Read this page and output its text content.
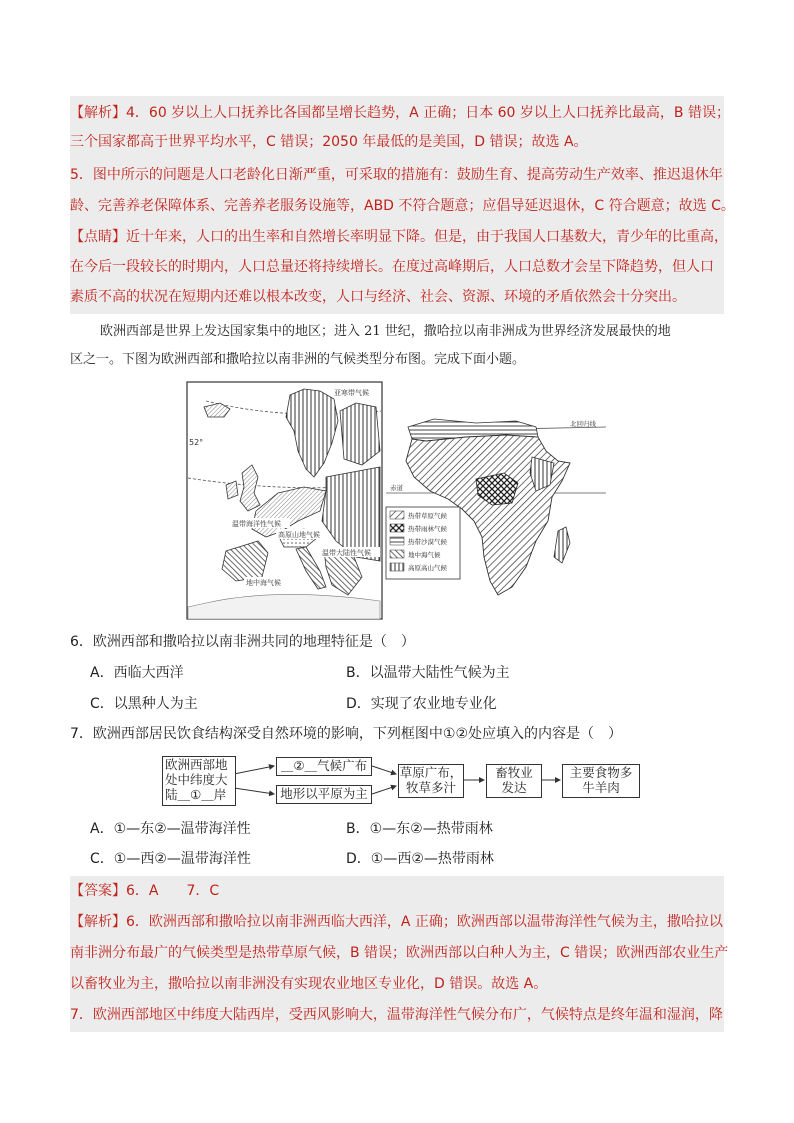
【解析】4．60 岁以上人口抚养比各国都呈增长趋势，A 正确；日本 60 岁以上人口抚养比最高，B 错误；
三个国家都高于世界平均水平，C 错误；2050 年最低的是美国，D 错误；故选 A。
5．图中所示的问题是人口老龄化日渐严重，可采取的措施有：鼓励生育、提高劳动生产效率、推迟退休年
龄、完善养老保障体系、完善养老服务设施等，ABD 不符合题意；应倡导延迟退休，C 符合题意；故选 C。
【点睛】近十年来，人口的出生率和自然增长率明显下降。但是，由于我国人口基数大，青少年的比重高，
在今后一段较长的时期内，人口总量还将持续增长。在度过高峰期后，人口总数才会呈下降趋势，但人口
素质不高的状况在短期内还难以根本改变，人口与经济、社会、资源、环境的矛盾依然会十分突出。
欧洲西部是世界上发达国家集中的地区；进入 21 世纪，撒哈拉以南非洲成为世界经济发展最快的地
区之一。下图为欧洲西部和撒哈拉以南非洲的气候类型分布图。完成下面小题。
亚寒带气候
52°
温带海洋性气候
高原山地气候
温带大陆性气候
地中海气候
北回归线
赤道
热带草原气候
热带雨林气候
热带沙漠气候
地中海气候
高原高山气候
6．欧洲西部和撒哈拉以南非洲共同的地理特征是（　）
A．西临大西洋	B．以温带大陆性气候为主
C．以黑种人为主	D．实现了农业地专业化
7．欧洲西部居民饮食结构深受自然环境的影响，下列框图中①②处应填入的内容是（　）
欧洲西部地
处中纬度大
陆＿①＿岸
＿②＿气候广布
地形以平原为主
草原广布，
牧草多汁
畜牧业
发达
主要食物多
牛羊肉
A．①—东②—温带海洋性	B．①—东②—热带雨林
C．①—西②—温带海洋性	D．①—西②—热带雨林
【答案】6．A　　7．C
【解析】6．欧洲西部和撒哈拉以南非洲西临大西洋，A 正确；欧洲西部以温带海洋性气候为主，撒哈拉以
南非洲分布最广的气候类型是热带草原气候，B 错误；欧洲西部以白种人为主，C 错误；欧洲西部农业生产
以畜牧业为主，撒哈拉以南非洲没有实现农业地区专业化，D 错误。故选 A。
7．欧洲西部地区中纬度大陆西岸，受西风影响大，温带海洋性气候分布广，气候特点是终年温和湿润，降
